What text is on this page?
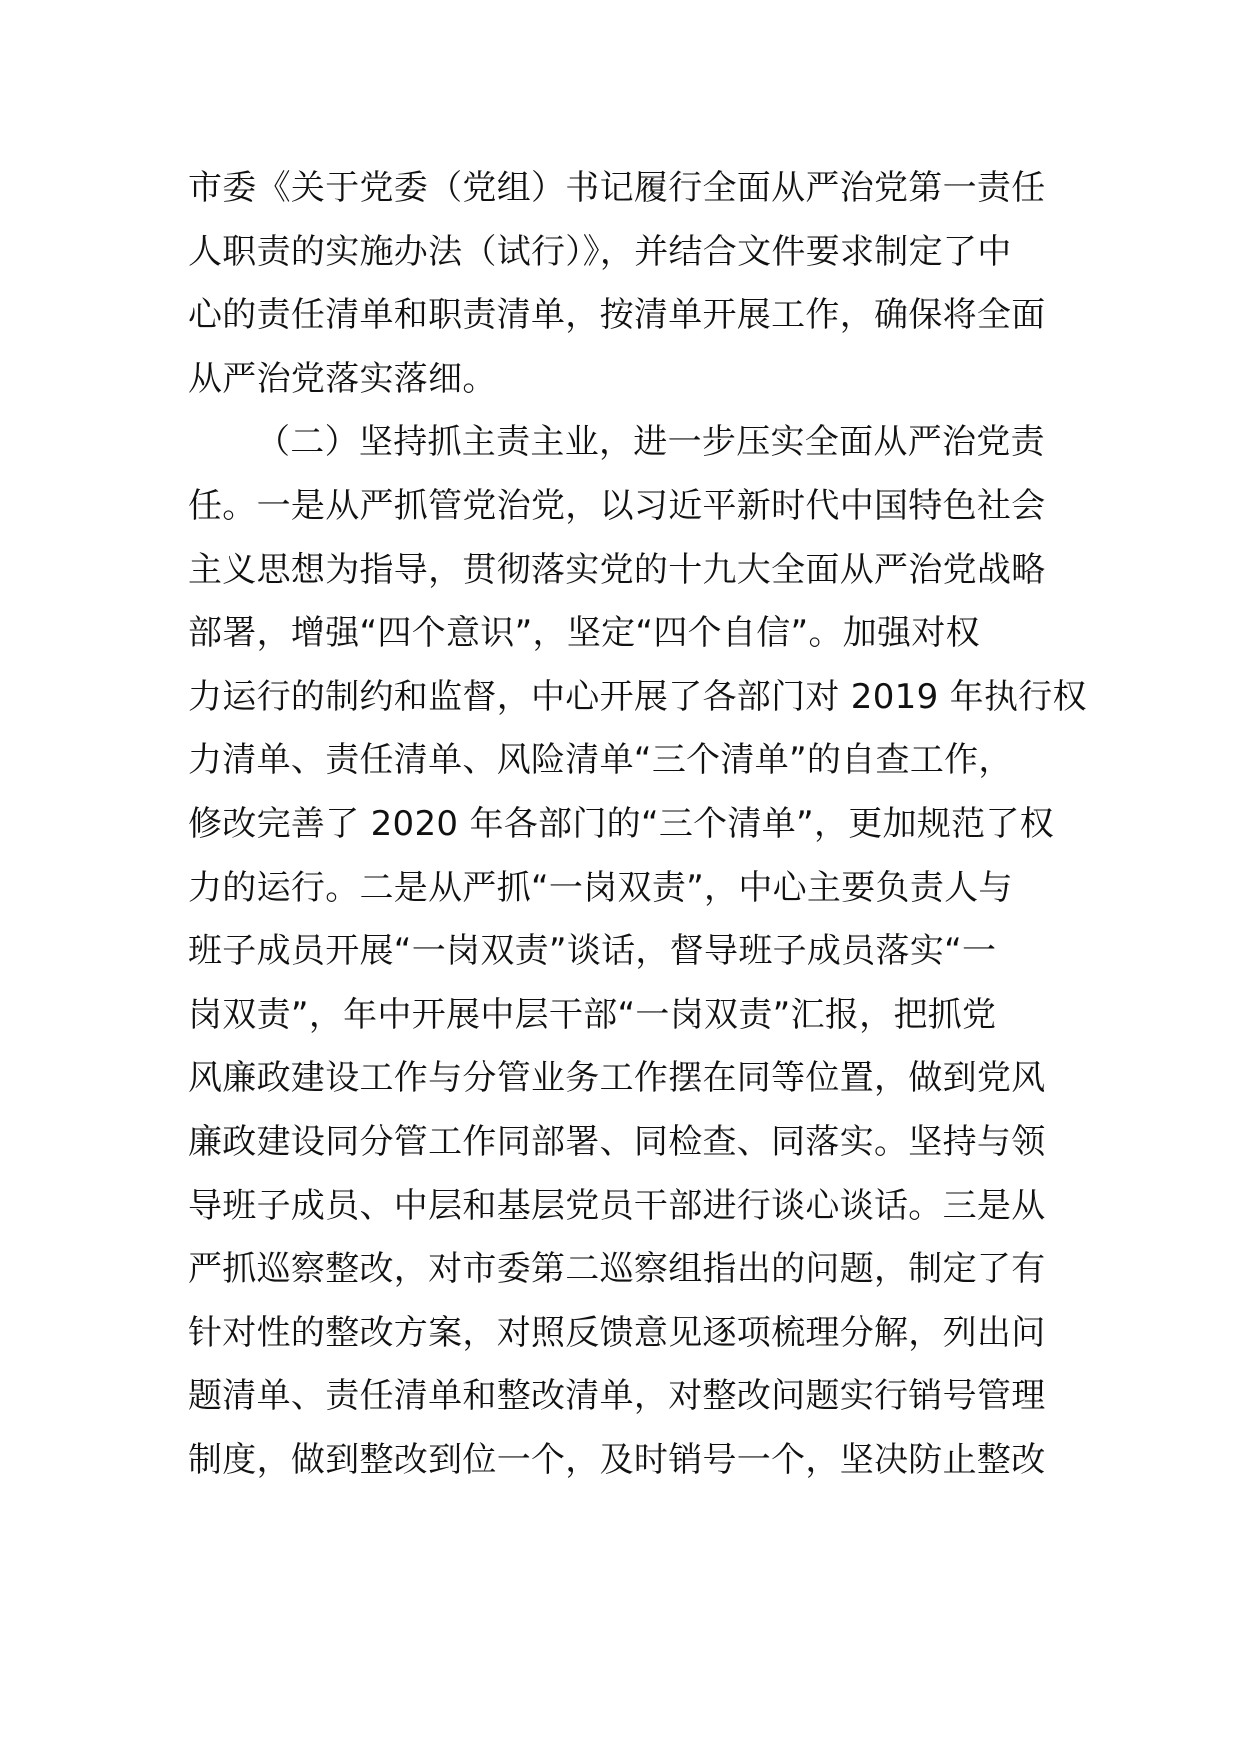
市委《关于党委（党组）书记履行全面从严治党第一责任
人职责的实施办法（试行）》，并结合文件要求制定了中
心的责任清单和职责清单，按清单开展工作，确保将全面
从严治党落实落细。
（二）坚持抓主责主业，进一步压实全面从严治党责
任。一是从严抓管党治党，以习近平新时代中国特色社会
主义思想为指导，贯彻落实党的十九大全面从严治党战略
部署，增强“四个意识”，坚定“四个自信”。加强对权
力运行的制约和监督，中心开展了各部门对 2019 年执行权
力清单、责任清单、风险清单“三个清单”的自查工作，
修改完善了 2020 年各部门的“三个清单”，更加规范了权
力的运行。二是从严抓“一岗双责”，中心主要负责人与
班子成员开展“一岗双责”谈话，督导班子成员落实“一
岗双责”，年中开展中层干部“一岗双责”汇报，把抓党
风廉政建设工作与分管业务工作摆在同等位置，做到党风
廉政建设同分管工作同部署、同检查、同落实。坚持与领
导班子成员、中层和基层党员干部进行谈心谈话。三是从
严抓巡察整改，对市委第二巡察组指出的问题，制定了有
针对性的整改方案，对照反馈意见逐项梳理分解，列出问
题清单、责任清单和整改清单，对整改问题实行销号管理
制度，做到整改到位一个，及时销号一个，坚决防止整改
